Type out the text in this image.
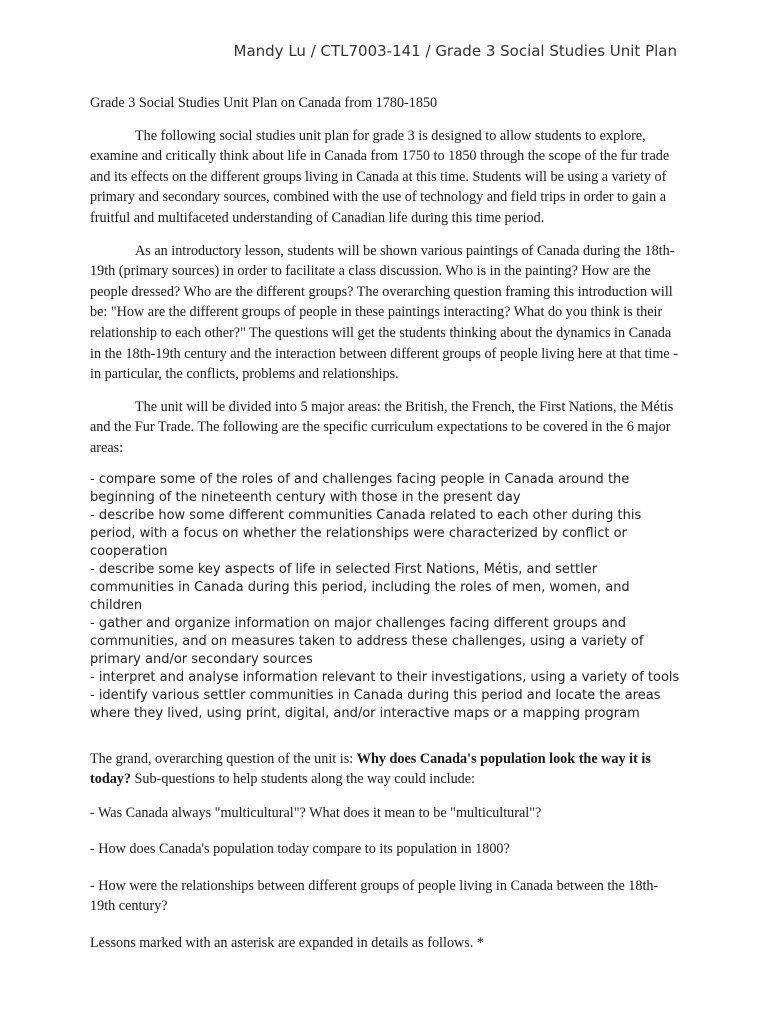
Mandy Lu / CTL7003-141 / Grade 3 Social Studies Unit Plan

Grade 3 Social Studies Unit Plan on Canada from 1780-1850

The following social studies unit plan for grade 3 is designed to allow students to explore, examine and critically think about life in Canada from 1750 to 1850 through the scope of the fur trade and its effects on the different groups living in Canada at this time. Students will be using a variety of primary and secondary sources, combined with the use of technology and field trips in order to gain a fruitful and multifaceted understanding of Canadian life during this time period.

As an introductory lesson, students will be shown various paintings of Canada during the 18th-19th (primary sources) in order to facilitate a class discussion. Who is in the painting? How are the people dressed? Who are the different groups? The overarching question framing this introduction will be: "How are the different groups of people in these paintings interacting? What do you think is their relationship to each other?" The questions will get the students thinking about the dynamics in Canada in the 18th-19th century and the interaction between different groups of people living here at that time - in particular, the conflicts, problems and relationships.

The unit will be divided into 5 major areas: the British, the French, the First Nations, the Métis and the Fur Trade. The following are the specific curriculum expectations to be covered in the 6 major areas:

- compare some of the roles of and challenges facing people in Canada around the beginning of the nineteenth century with those in the present day
- describe how some different communities Canada related to each other during this period, with a focus on whether the relationships were characterized by conflict or cooperation
- describe some key aspects of life in selected First Nations, Métis, and settler communities in Canada during this period, including the roles of men, women, and children
- gather and organize information on major challenges facing different groups and communities, and on measures taken to address these challenges, using a variety of primary and/or secondary sources
- interpret and analyse information relevant to their investigations, using a variety of tools
- identify various settler communities in Canada during this period and locate the areas where they lived, using print, digital, and/or interactive maps or a mapping program

The grand, overarching question of the unit is: Why does Canada's population look the way it is today? Sub-questions to help students along the way could include:

- Was Canada always "multicultural"? What does it mean to be "multicultural"?

- How does Canada's population today compare to its population in 1800?

- How were the relationships between different groups of people living in Canada between the 18th-19th century?

Lessons marked with an asterisk are expanded in details as follows. *
